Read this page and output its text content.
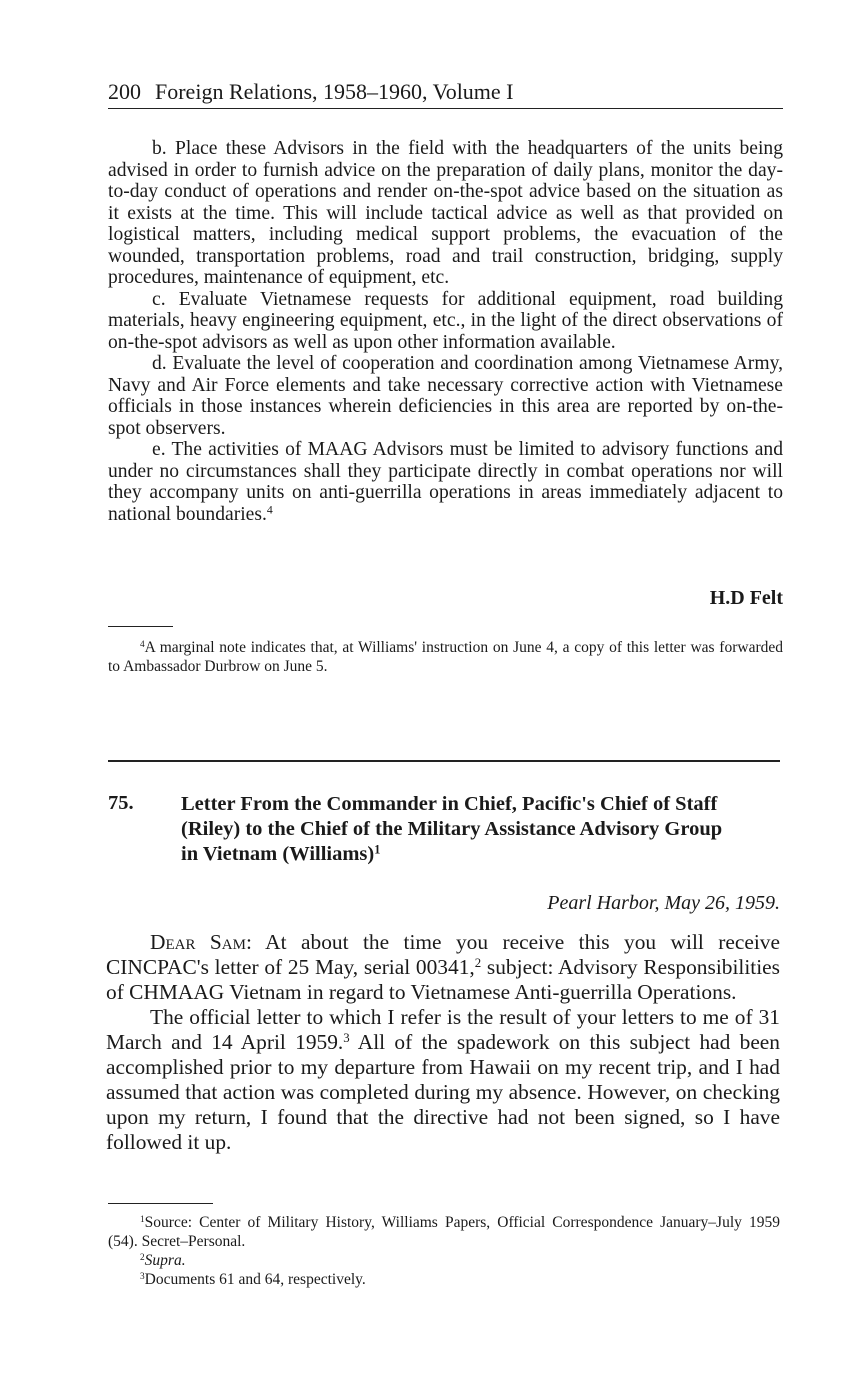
200 Foreign Relations, 1958–1960, Volume I

b. Place these Advisors in the field with the headquarters of the units being advised in order to furnish advice on the preparation of daily plans, monitor the day-to-day conduct of operations and render on-the-spot advice based on the situation as it exists at the time. This will include tactical advice as well as that provided on logistical matters, including medical support problems, the evacuation of the wounded, transportation problems, road and trail construction, bridging, supply procedures, maintenance of equipment, etc.

c. Evaluate Vietnamese requests for additional equipment, road building materials, heavy engineering equipment, etc., in the light of the direct observations of on-the-spot advisors as well as upon other information available.

d. Evaluate the level of cooperation and coordination among Vietnamese Army, Navy and Air Force elements and take necessary corrective action with Vietnamese officials in those instances wherein deficiencies in this area are reported by on-the-spot observers.

e. The activities of MAAG Advisors must be limited to advisory functions and under no circumstances shall they participate directly in combat operations nor will they accompany units on anti-guerrilla operations in areas immediately adjacent to national boundaries.$^4$

H.D Felt

$^4$A marginal note indicates that, at Williams' instruction on June 4, a copy of this letter was forwarded to Ambassador Durbrow on June 5.

75. Letter From the Commander in Chief, Pacific's Chief of Staff (Riley) to the Chief of the Military Assistance Advisory Group in Vietnam (Williams)$^1$
Pearl Harbor, May 26, 1959.

Dear Sam: At about the time you receive this you will receive CINCPAC's letter of 25 May, serial 00341,$^2$ subject: Advisory Responsibilities of CHMAAG Vietnam in regard to Vietnamese Anti-guerrilla Operations.

The official letter to which I refer is the result of your letters to me of 31 March and 14 April 1959.$^3$ All of the spadework on this subject had been accomplished prior to my departure from Hawaii on my recent trip, and I had assumed that action was completed during my absence. However, on checking upon my return, I found that the directive had not been signed, so I have followed it up.

$^1$Source: Center of Military History, Williams Papers, Official Correspondence January–July 1959 (54). Secret–Personal.

$^2$Supra.

$^3$Documents 61 and 64, respectively.
